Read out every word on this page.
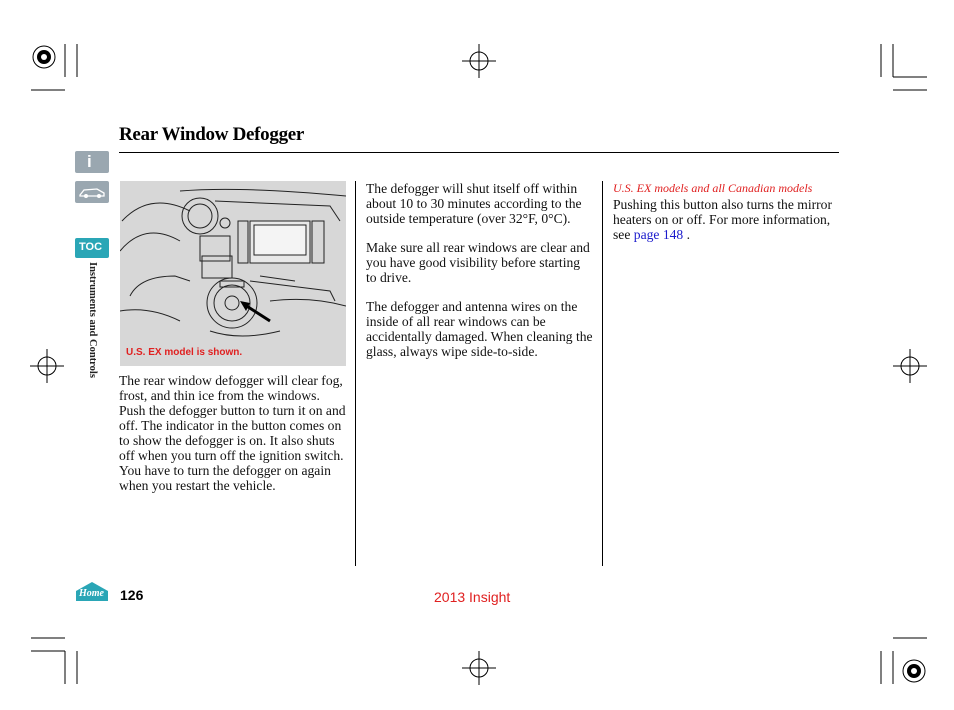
i
TOC
Instruments and Controls
Home
Rear Window Defogger
U.S. EX model is shown.

The rear window defogger will clear fog, frost, and thin ice from the windows. Push the defogger button to turn it on and off. The indicator in the button comes on to show the defogger is on. It also shuts off when you turn off the ignition switch. You have to turn the defogger on again when you restart the vehicle.

The defogger will shut itself off within about 10 to 30 minutes according to the outside temperature (over 32°F, 0°C).

Make sure all rear windows are clear and you have good visibility before starting to drive.

The defogger and antenna wires on the inside of all rear windows can be accidentally damaged. When cleaning the glass, always wipe side-to-side.

U.S. EX models and all Canadian models
Pushing this button also turns the mirror heaters on or off. For more information, see page 148 .
126	2013 Insight
